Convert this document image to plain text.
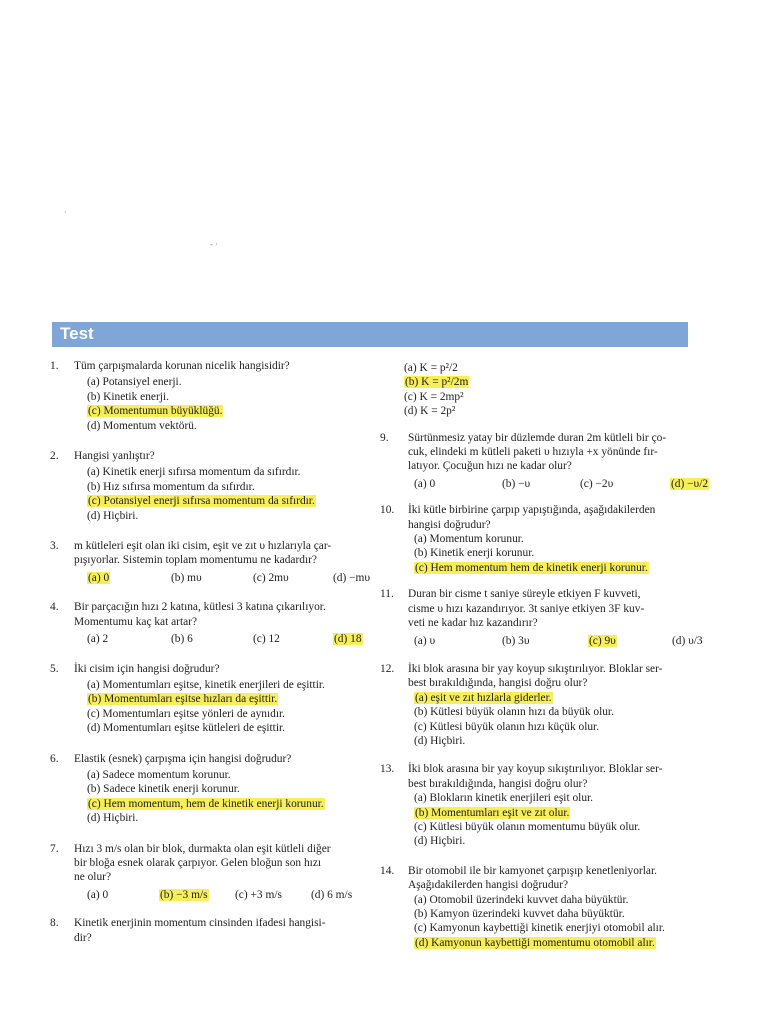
·
- ·
Test
1.	Tüm çarpışmalarda korunan nicelik hangisidir?
(a) Potansiyel enerji.
(b) Kinetik enerji.
(c) Momentumun büyüklüğü.
(d) Momentum vektörü.
2.	Hangisi yanlıştır?
(a) Kinetik enerji sıfırsa momentum da sıfırdır.
(b) Hız sıfırsa momentum da sıfırdır.
(c) Potansiyel enerji sıfırsa momentum da sıfırdır.
(d) Hiçbiri.
3.	m kütleleri eşit olan iki cisim, eşit ve zıt υ hızlarıyla çar-
pışıyorlar. Sistemin toplam momentumu ne kadardır?
(a) 0	(b) mυ	(c) 2mυ	(d) −mυ
4.	Bir parçacığın hızı 2 katına, kütlesi 3 katına çıkarılıyor.
Momentumu kaç kat artar?
(a) 2	(b) 6	(c) 12	(d) 18
5.	İki cisim için hangisi doğrudur?
(a) Momentumları eşitse, kinetik enerjileri de eşittir.
(b) Momentumları eşitse hızları da eşittir.
(c) Momentumları eşitse yönleri de aynıdır.
(d) Momentumları eşitse kütleleri de eşittir.
6.	Elastik (esnek) çarpışma için hangisi doğrudur?
(a) Sadece momentum korunur.
(b) Sadece kinetik enerji korunur.
(c) Hem momentum, hem de kinetik enerji korunur.
(d) Hiçbiri.
7.	Hızı 3 m/s olan bir blok, durmakta olan eşit kütleli diğer
bir bloğa esnek olarak çarpıyor. Gelen bloğun son hızı
ne olur?
(a) 0	(b) −3 m/s	(c) +3 m/s	(d) 6 m/s
8.	Kinetik enerjinin momentum cinsinden ifadesi hangisi-
dir?
(a) K = p²/2
(b) K = p²/2m
(c) K = 2mp²
(d) K = 2p²
9.	Sürtünmesiz yatay bir düzlemde duran 2m kütleli bir ço-
cuk, elindeki m kütleli paketi υ hızıyla +x yönünde fır-
latıyor. Çocuğun hızı ne kadar olur?
(a) 0	(b) −υ	(c) −2υ	(d) −υ/2
10.	İki kütle birbirine çarpıp yapıştığında, aşağıdakilerden
hangisi doğrudur?
(a) Momentum korunur.
(b) Kinetik enerji korunur.
(c) Hem momentum hem de kinetik enerji korunur.
11.	Duran bir cisme t saniye süreyle etkiyen F kuvveti,
cisme υ hızı kazandırıyor. 3t saniye etkiyen 3F kuv-
veti ne kadar hız kazandırır?
(a) υ	(b) 3υ	(c) 9υ	(d) υ/3
12.	İki blok arasına bir yay koyup sıkıştırılıyor. Bloklar ser-
best bırakıldığında, hangisi doğru olur?
(a) eşit ve zıt hızlarla giderler.
(b) Kütlesi büyük olanın hızı da büyük olur.
(c) Kütlesi büyük olanın hızı küçük olur.
(d) Hiçbiri.
13.	İki blok arasına bir yay koyup sıkıştırılıyor. Bloklar ser-
best bırakıldığında, hangisi doğru olur?
(a) Blokların kinetik enerjileri eşit olur.
(b) Momentumları eşit ve zıt olur.
(c) Kütlesi büyük olanın momentumu büyük olur.
(d) Hiçbiri.
14.	Bir otomobil ile bir kamyonet çarpışıp kenetleniyorlar.
Aşağıdakilerden hangisi doğrudur?
(a) Otomobil üzerindeki kuvvet daha büyüktür.
(b) Kamyon üzerindeki kuvvet daha büyüktür.
(c) Kamyonun kaybettiği kinetik enerjiyi otomobil alır.
(d) Kamyonun kaybettiği momentumu otomobil alır.
